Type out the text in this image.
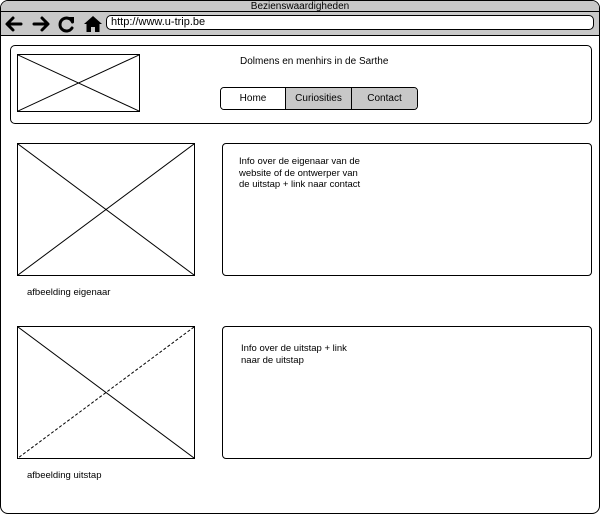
Bezienswaardigheden
http://www.u-trip.be
Dolmens en menhirs in de Sarthe
Home	Curiosities	Contact
afbeelding eigenaar
Info over de eigenaar van de
website of de ontwerper van
de uitstap + link naar contact
afbeelding uitstap
Info over de uitstap + link
naar de uitstap
